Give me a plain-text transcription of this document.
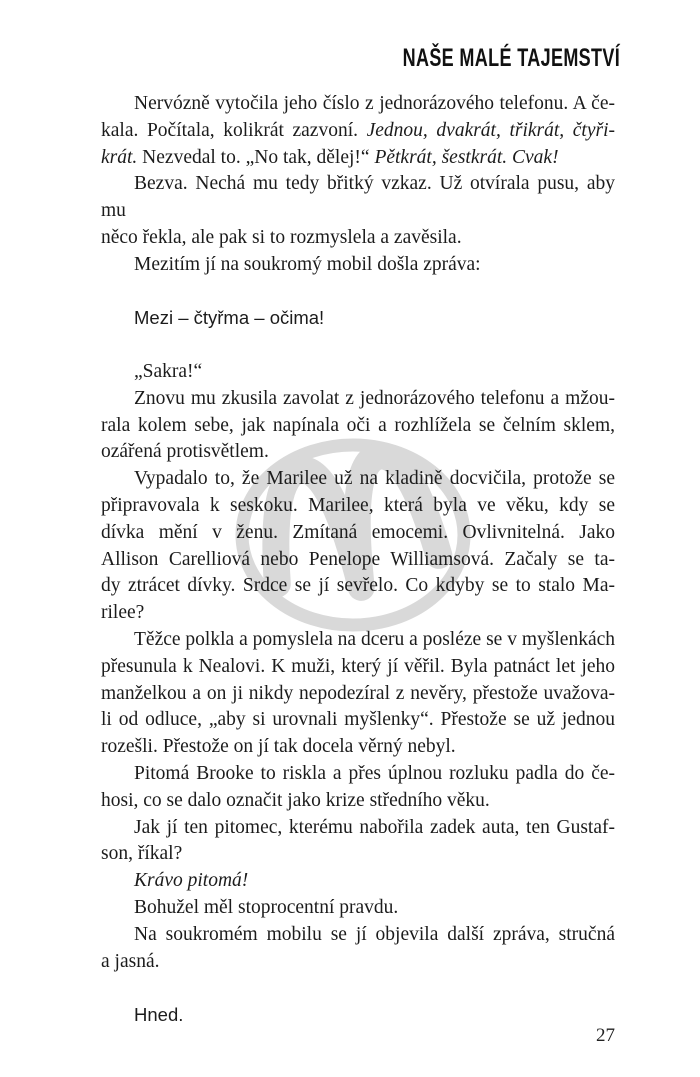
NAŠE MALÉ TAJEMSTVÍ
Nervózně vytočila jeho číslo z jednorázového telefonu. A če-
kala. Počítala, kolikrát zazvoní. Jednou, dvakrát, třikrát, čtyři-
krát. Nezvedal to. „No tak, dělej!“ Pětkrát, šestkrát. Cvak!
Bezva. Nechá mu tedy břitký vzkaz. Už otvírala pusu, aby mu
něco řekla, ale pak si to rozmyslela a zavěsila.
Mezitím jí na soukromý mobil došla zpráva:
Mezi – čtyřma – očima!
„Sakra!“
Znovu mu zkusila zavolat z jednorázového telefonu a mžou-
rala kolem sebe, jak napínala oči a rozhlížela se čelním sklem,
ozářená protisvětlem.
Vypadalo to, že Marilee už na kladině docvičila, protože se
připravovala k seskoku. Marilee, která byla ve věku, kdy se
dívka mění v ženu. Zmítaná emocemi. Ovlivnitelná. Jako
Allison Carelliová nebo Penelope Williamsová. Začaly se ta-
dy ztrácet dívky. Srdce se jí sevřelo. Co kdyby se to stalo Ma-
rilee?
Těžce polkla a pomyslela na dceru a posléze se v myšlenkách
přesunula k Nealovi. K muži, který jí věřil. Byla patnáct let jeho
manželkou a on ji nikdy nepodezíral z nevěry, přestože uvažova-
li od odluce, „aby si urovnali myšlenky“. Přestože se už jednou
rozešli. Přestože on jí tak docela věrný nebyl.
Pitomá Brooke to riskla a přes úplnou rozluku padla do če-
hosi, co se dalo označit jako krize středního věku.
Jak jí ten pitomec, kterému nabořila zadek auta, ten Gustaf-
son, říkal?
Krávo pitomá!
Bohužel měl stoprocentní pravdu.
Na soukromém mobilu se jí objevila další zpráva, stručná
a jasná.
Hned.
27
